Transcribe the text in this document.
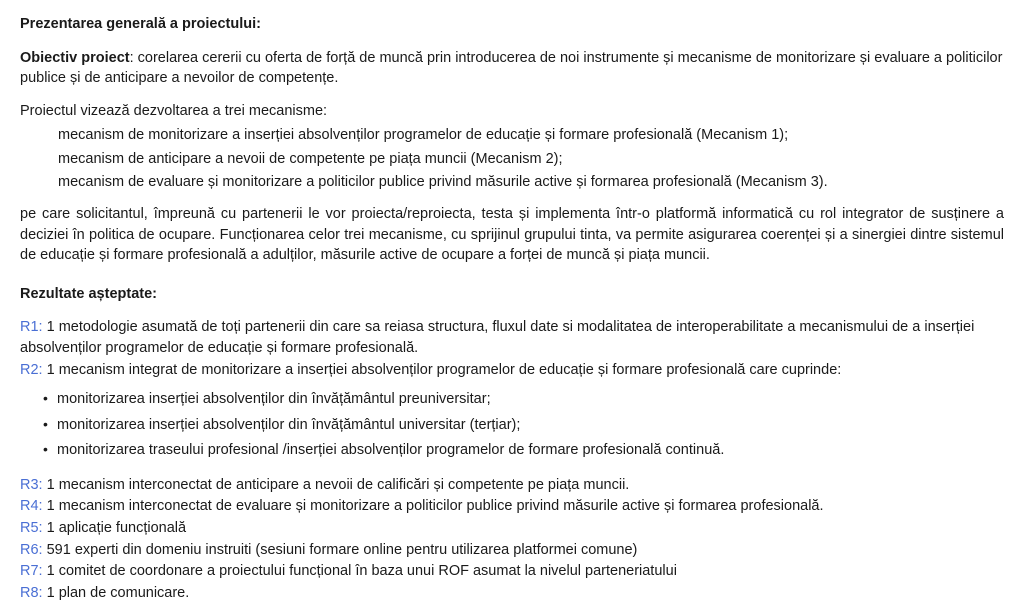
Prezentarea generală a proiectului:

Obiectiv proiect: corelarea cererii cu oferta de forță de muncă prin introducerea de noi instrumente și mecanisme de monitorizare și evaluare a politicilor publice și de anticipare a nevoilor de competențe.

Proiectul vizează dezvoltarea a trei mecanisme:

mecanism de monitorizare a inserției absolvenților programelor de educație și formare profesională (Mecanism 1);
mecanism de anticipare a nevoii de competente pe piața muncii (Mecanism 2);
mecanism de evaluare și monitorizare a politicilor publice privind măsurile active și formarea profesională (Mecanism 3).

pe care solicitantul, împreună cu partenerii le vor proiecta/reproiecta, testa și implementa într-o platformă informatică cu rol integrator de susținere a deciziei în politica de ocupare. Funcționarea celor trei mecanisme, cu sprijinul grupului tinta, va permite asigurarea coerenței și a sinergiei dintre sistemul de educație și formare profesională a adulților, măsurile active de ocupare a forței de muncă și piața muncii.

Rezultate așteptate:

R1: 1 metodologie asumată de toți partenerii din care sa reiasa structura, fluxul date si modalitatea de interoperabilitate a mecanismului de a inserției absolvenților programelor de educație și formare profesională.

R2: 1 mecanism integrat de monitorizare a inserției absolvenților programelor de educație și formare profesională care cuprinde:

• monitorizarea inserției absolvenților din învățământul preuniversitar;
• monitorizarea inserției absolvenților din învățământul universitar (terțiar);
• monitorizarea traseului profesional /inserției absolvenților programelor de formare profesională continuă.

R3: 1 mecanism interconectat de anticipare a nevoii de calificări și competente pe piața muncii.

R4: 1 mecanism interconectat de evaluare și monitorizare a politicilor publice privind măsurile active și formarea profesională.

R5: 1 aplicație funcțională

R6: 591 experti din domeniu instruiti (sesiuni formare online pentru utilizarea platformei comune)

R7: 1 comitet de coordonare a proiectului funcțional în baza unui ROF asumat la nivelul parteneriatului

R8: 1 plan de comunicare.
